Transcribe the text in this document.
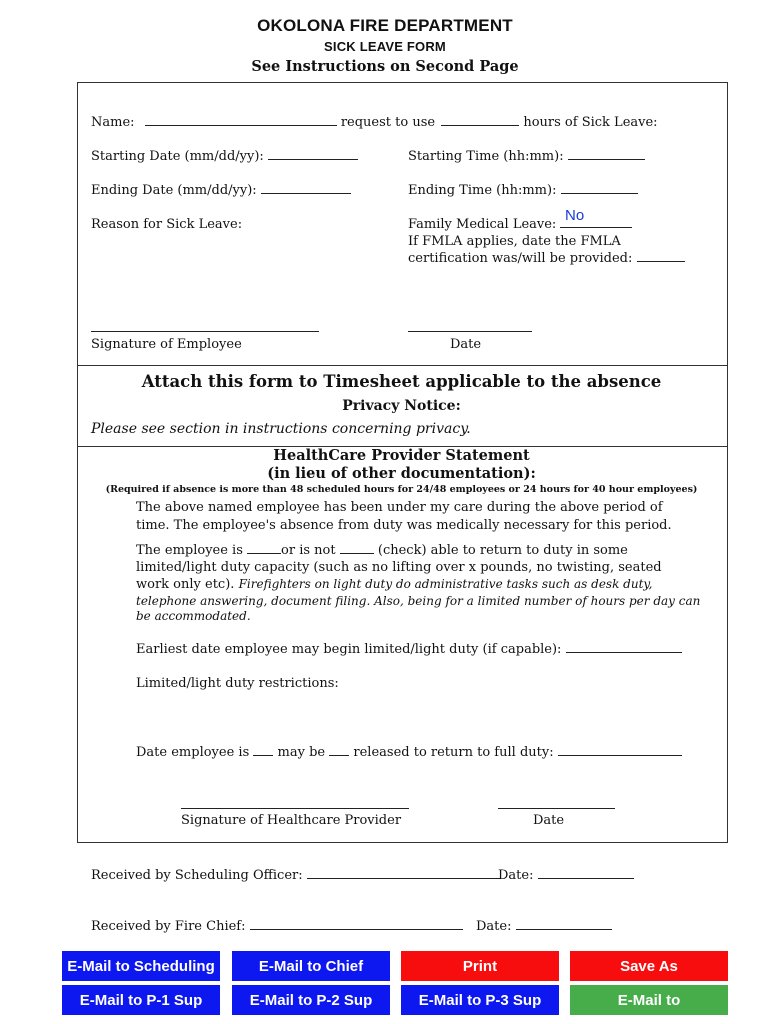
OKOLONA FIRE DEPARTMENT
SICK LEAVE FORM
See Instructions on Second Page
Name:	request to use	hours of Sick Leave:
Starting Date (mm/dd/yy):	Starting Time (hh:mm):
Ending Date (mm/dd/yy):	Ending Time (hh:mm):
Reason for Sick Leave:	Family Medical Leave:
No
If FMLA applies, date the FMLA
certification was/will be provided:
Signature of Employee	Date
Attach this form to Timesheet applicable to the absence
Privacy Notice:
Please see section in instructions concerning privacy.
HealthCare Provider Statement
(in lieu of other documentation):
(Required if absence is more than 48 scheduled hours for 24/48 employees or 24 hours for 40 hour employees)
The above named employee has been under my care during the above period of
time. The employee's absence from duty was medically necessary for this period.
The employee is	or is not	(check) able to return to duty in some
limited/light duty capacity (such as no lifting over x pounds, no twisting, seated
work only etc). Firefighters on light duty do administrative tasks such as desk duty,
telephone answering, document filing. Also, being for a limited number of hours per day can
be accommodated.
Earliest date employee may begin limited/light duty (if capable):
Limited/light duty restrictions:
Date employee is may be released to return to full duty:
Signature of Healthcare Provider	Date
Received by Scheduling Officer:	Date:
Received by Fire Chief:	Date:
E-Mail to Scheduling	E-Mail to Chief	Print	Save As
E-Mail to P-1 Sup	E-Mail to P-2 Sup	E-Mail to P-3 Sup	E-Mail to
